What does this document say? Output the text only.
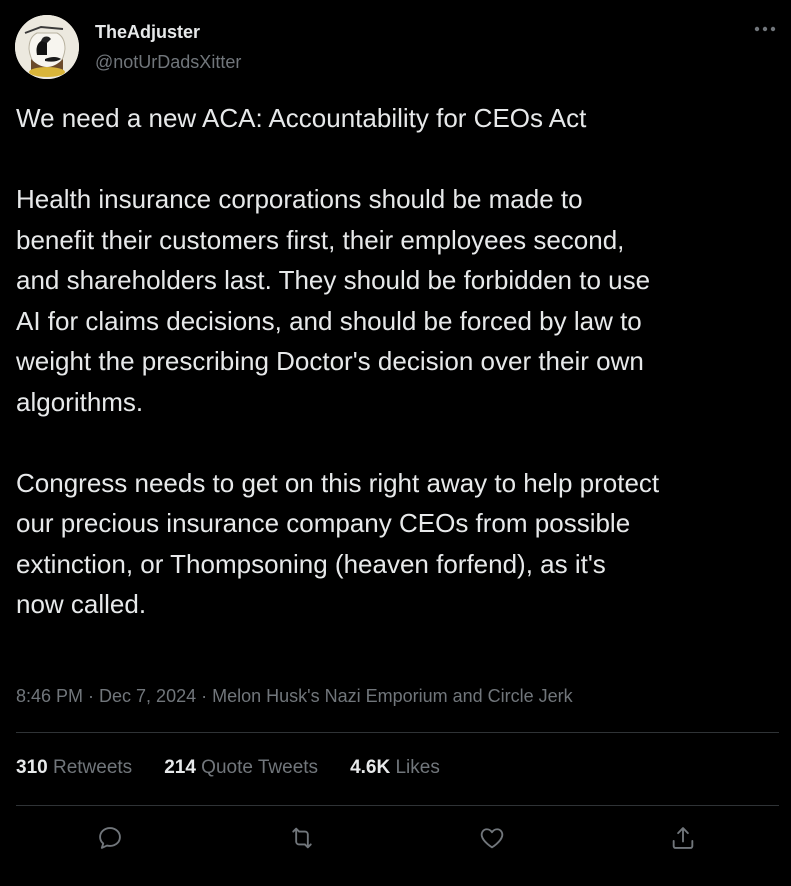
TheAdjuster
@notUrDadsXitter

We need a new ACA: Accountability for CEOs Act

Health insurance corporations should be made to
benefit their customers first, their employees second,
and shareholders last. They should be forbidden to use
AI for claims decisions, and should be forced by law to
weight the prescribing Doctor's decision over their own
algorithms.

Congress needs to get on this right away to help protect
our precious insurance company CEOs from possible
extinction, or Thompsoning (heaven forfend), as it's
now called.

8:46 PM · Dec 7, 2024 · Melon Husk's Nazi Emporium and Circle Jerk
310 Retweets 214 Quote Tweets 4.6K Likes
